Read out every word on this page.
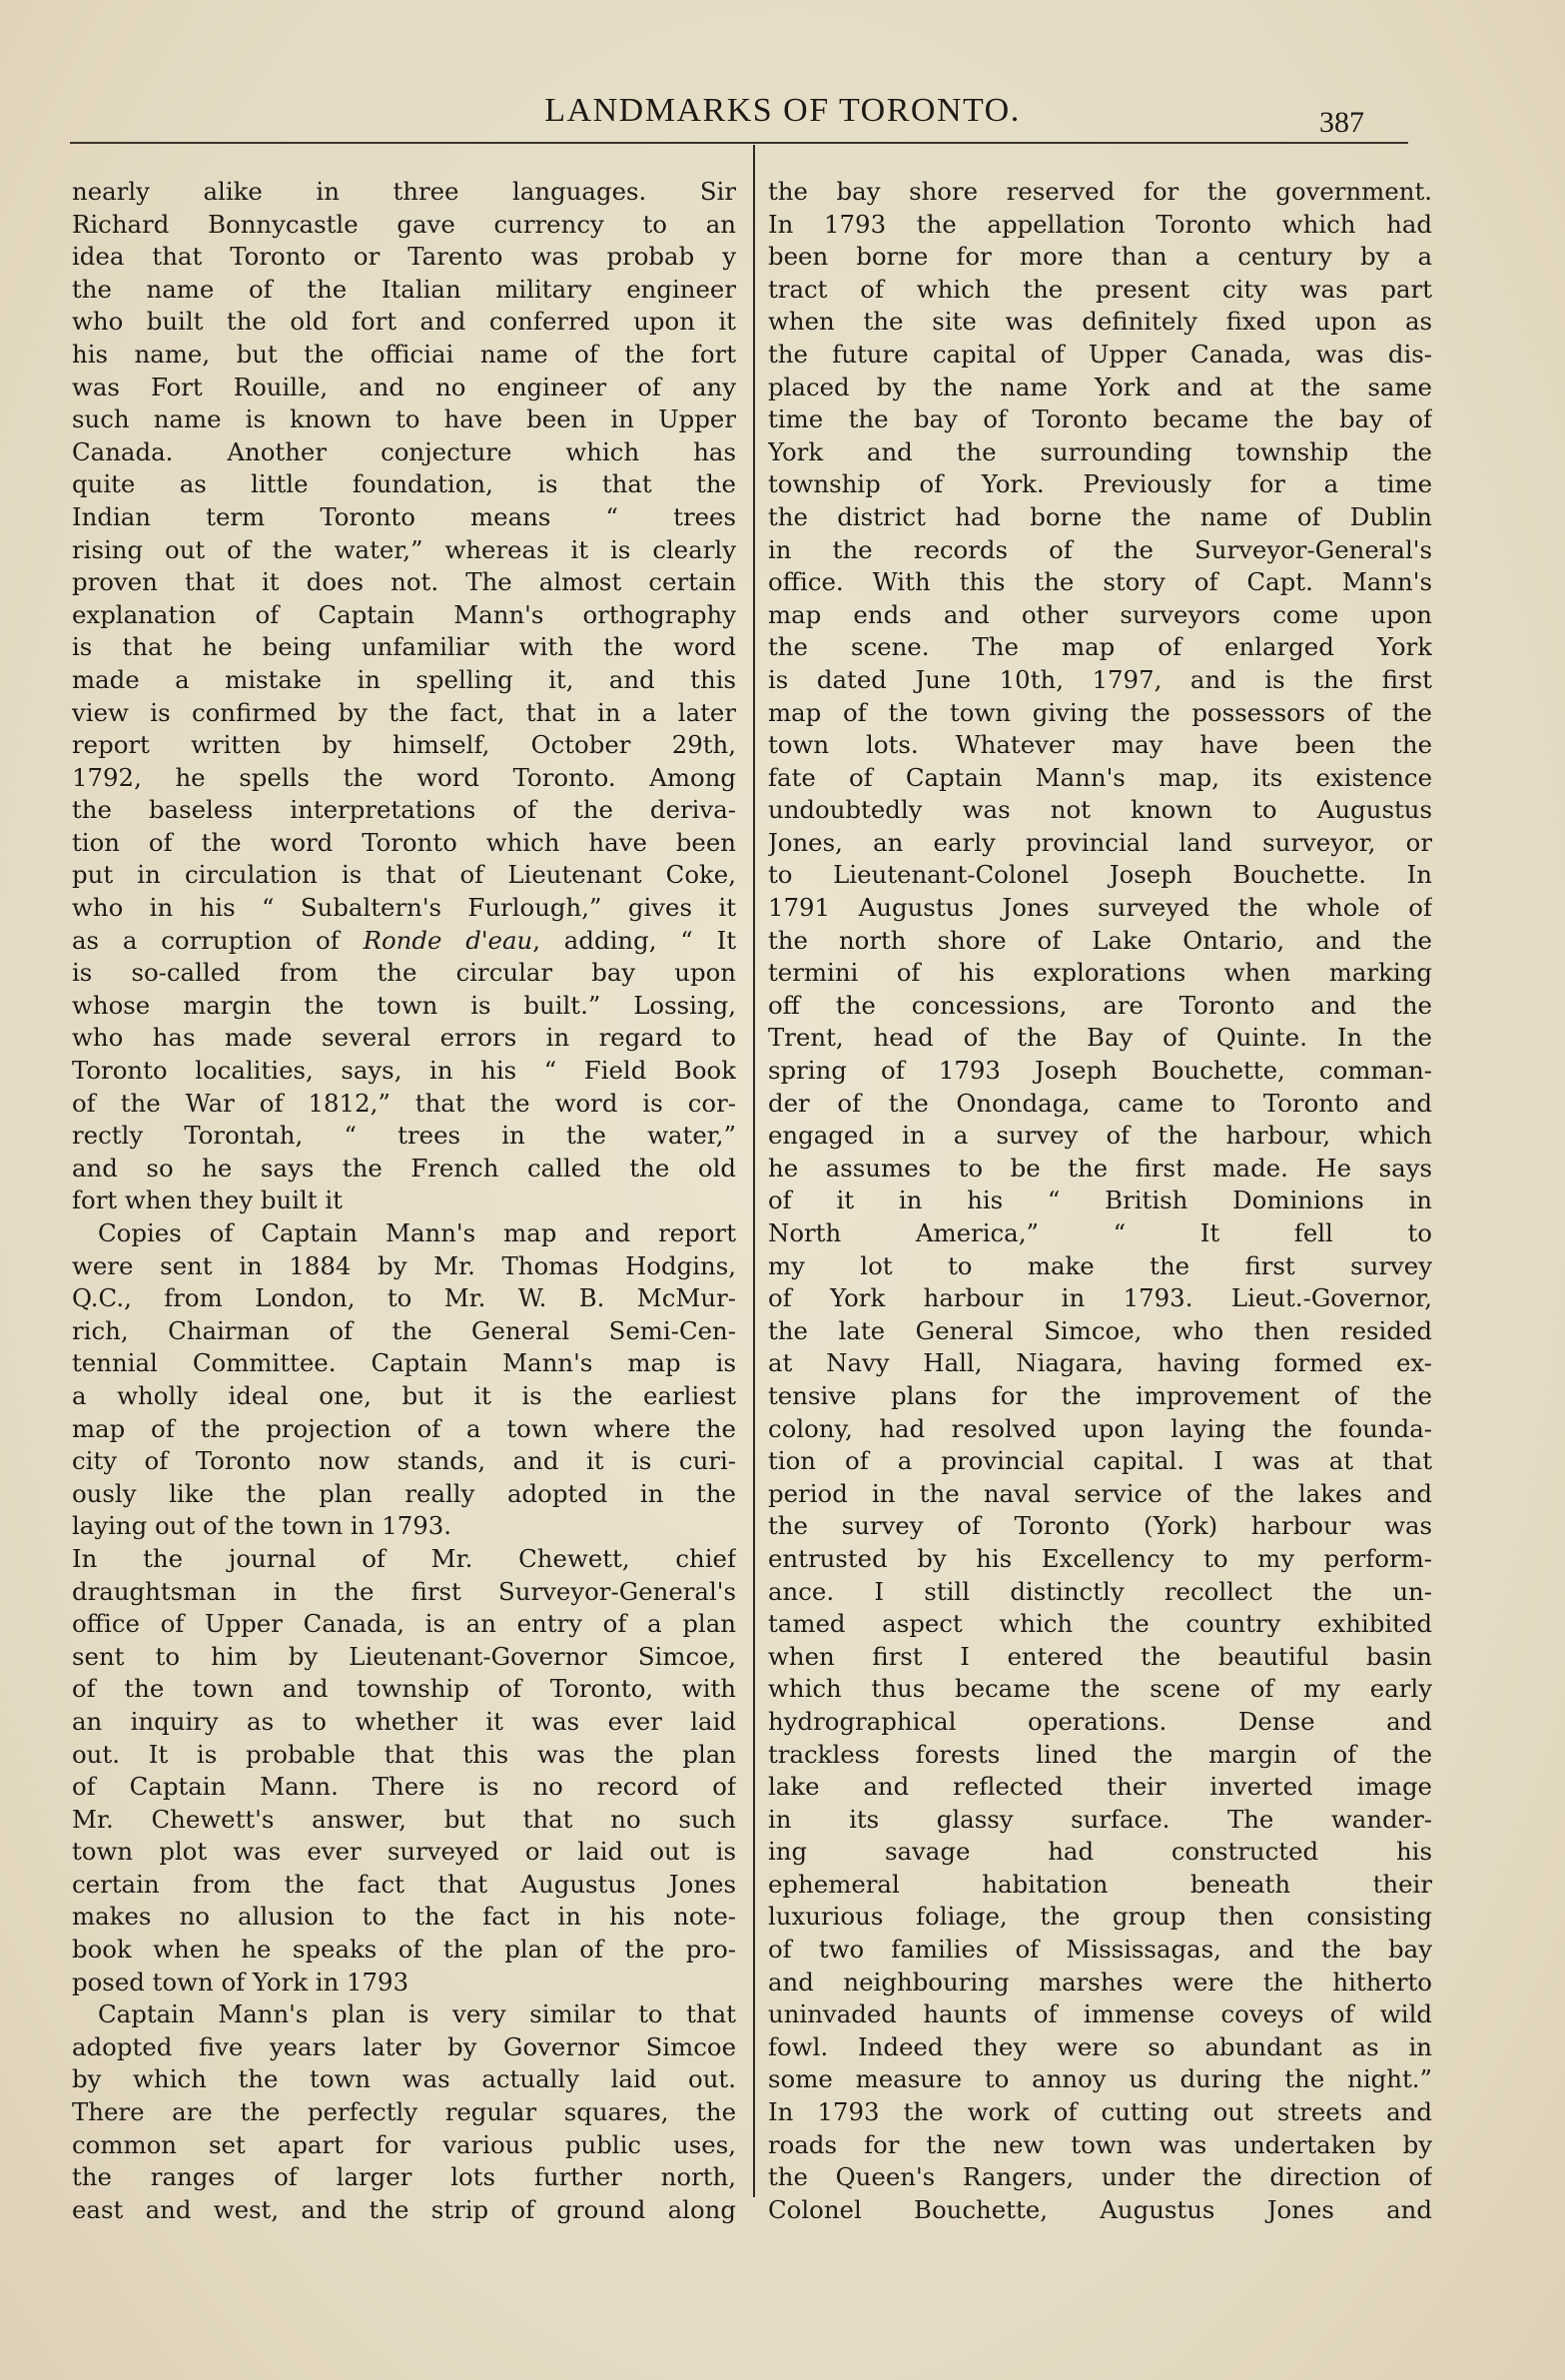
LANDMARKS OF TORONTO.	387
nearly alike in three languages. Sir
Richard Bonnycastle gave currency to an
idea that Toronto or Tarento was probab y
the name of the Italian military engineer
who built the old fort and conferred upon it
his name, but the officiai name of the fort
was Fort Rouille, and no engineer of any
such name is known to have been in Upper
Canada. Another conjecture which has
quite as little foundation, is that the
Indian term Toronto means “ trees
rising out of the water,” whereas it is clearly
proven that it does not. The almost certain
explanation of Captain Mann's orthography
is that he being unfamiliar with the word
made a mistake in spelling it, and this
view is confirmed by the fact, that in a later
report written by himself, October 29th,
1792, he spells the word Toronto. Among
the baseless interpretations of the deriva-
tion of the word Toronto which have been
put in circulation is that of Lieutenant Coke,
who in his “ Subaltern's Furlough,” gives it
as a corruption of Ronde d'eau, adding, “ It
is so-called from the circular bay upon
whose margin the town is built.” Lossing,
who has made several errors in regard to
Toronto localities, says, in his “ Field Book
of the War of 1812,” that the word is cor-
rectly Torontah, “ trees in the water,”
and so he says the French called the old
fort when they built it
Copies of Captain Mann's map and report
were sent in 1884 by Mr. Thomas Hodgins,
Q.C., from London, to Mr. W. B. McMur-
rich, Chairman of the General Semi-Cen-
tennial Committee. Captain Mann's map is
a wholly ideal one, but it is the earliest
map of the projection of a town where the
city of Toronto now stands, and it is curi-
ously like the plan really adopted in the
laying out of the town in 1793.
In the journal of Mr. Chewett, chief
draughtsman in the first Surveyor-General's
office of Upper Canada, is an entry of a plan
sent to him by Lieutenant-Governor Simcoe,
of the town and township of Toronto, with
an inquiry as to whether it was ever laid
out. It is probable that this was the plan
of Captain Mann. There is no record of
Mr. Chewett's answer, but that no such
town plot was ever surveyed or laid out is
certain from the fact that Augustus Jones
makes no allusion to the fact in his note-
book when he speaks of the plan of the pro-
posed town of York in 1793
Captain Mann's plan is very similar to that
adopted five years later by Governor Simcoe
by which the town was actually laid out.
There are the perfectly regular squares, the
common set apart for various public uses,
the ranges of larger lots further north,
east and west, and the strip of ground along
the bay shore reserved for the government.
In 1793 the appellation Toronto which had
been borne for more than a century by a
tract of which the present city was part
when the site was definitely fixed upon as
the future capital of Upper Canada, was dis-
placed by the name York and at the same
time the bay of Toronto became the bay of
York and the surrounding township the
township of York. Previously for a time
the district had borne the name of Dublin
in the records of the Surveyor-General's
office. With this the story of Capt. Mann's
map ends and other surveyors come upon
the scene. The map of enlarged York
is dated June 10th, 1797, and is the first
map of the town giving the possessors of the
town lots. Whatever may have been the
fate of Captain Mann's map, its existence
undoubtedly was not known to Augustus
Jones, an early provincial land surveyor, or
to Lieutenant-Colonel Joseph Bouchette. In
1791 Augustus Jones surveyed the whole of
the north shore of Lake Ontario, and the
termini of his explorations when marking
off the concessions, are Toronto and the
Trent, head of the Bay of Quinte. In the
spring of 1793 Joseph Bouchette, comman-
der of the Onondaga, came to Toronto and
engaged in a survey of the harbour, which
he assumes to be the first made. He says
of it in his “ British Dominions in
North America,” “ It fell to
my lot to make the first survey
of York harbour in 1793. Lieut.-Governor,
the late General Simcoe, who then resided
at Navy Hall, Niagara, having formed ex-
tensive plans for the improvement of the
colony, had resolved upon laying the founda-
tion of a provincial capital. I was at that
period in the naval service of the lakes and
the survey of Toronto (York) harbour was
entrusted by his Excellency to my perform-
ance. I still distinctly recollect the un-
tamed aspect which the country exhibited
when first I entered the beautiful basin
which thus became the scene of my early
hydrographical operations. Dense and
trackless forests lined the margin of the
lake and reflected their inverted image
in its glassy surface. The wander-
ing savage had constructed his
ephemeral habitation beneath their
luxurious foliage, the group then consisting
of two families of Mississagas, and the bay
and neighbouring marshes were the hitherto
uninvaded haunts of immense coveys of wild
fowl. Indeed they were so abundant as in
some measure to annoy us during the night.”
In 1793 the work of cutting out streets and
roads for the new town was undertaken by
the Queen's Rangers, under the direction of
Colonel Bouchette, Augustus Jones and
